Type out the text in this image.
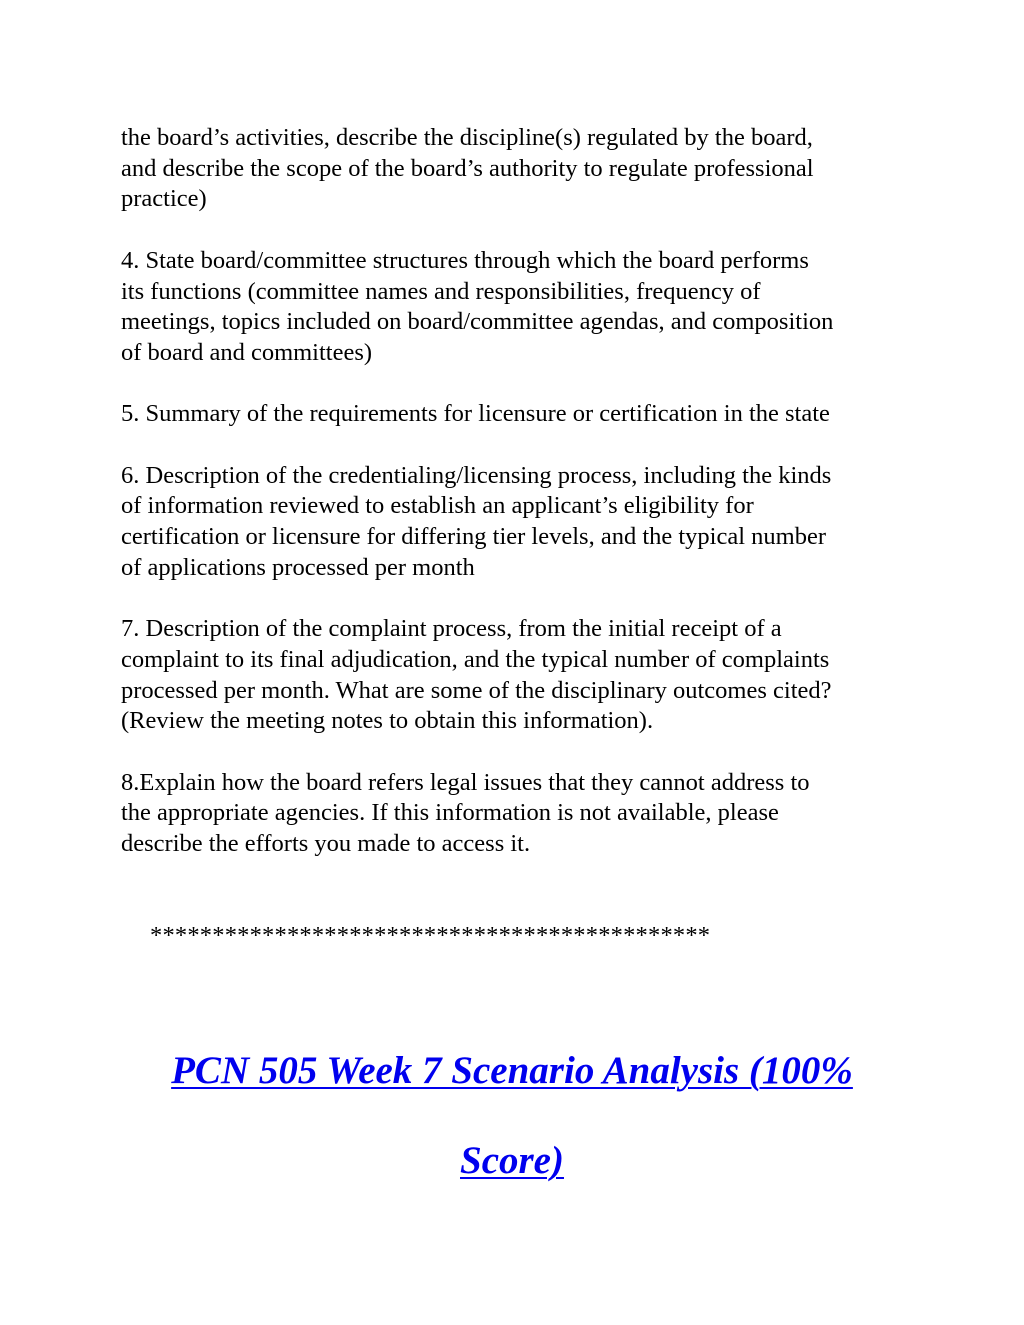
the board’s activities, describe the discipline(s) regulated by the board,
and describe the scope of the board’s authority to regulate professional
practice)

4. State board/committee structures through which the board performs
its functions (committee names and responsibilities, frequency of
meetings, topics included on board/committee agendas, and composition
of board and committees)

5. Summary of the requirements for licensure or certification in the state

6. Description of the credentialing/licensing process, including the kinds
of information reviewed to establish an applicant’s eligibility for
certification or licensure for differing tier levels, and the typical number
of applications processed per month

7. Description of the complaint process, from the initial receipt of a
complaint to its final adjudication, and the typical number of complaints
processed per month. What are some of the disciplinary outcomes cited?
(Review the meeting notes to obtain this information).

8.Explain how the board refers legal issues that they cannot address to
the appropriate agencies. If this information is not available, please
describe the efforts you made to access it.

*********************************************
PCN 505 Week 7 Scenario Analysis (100%
Score)
